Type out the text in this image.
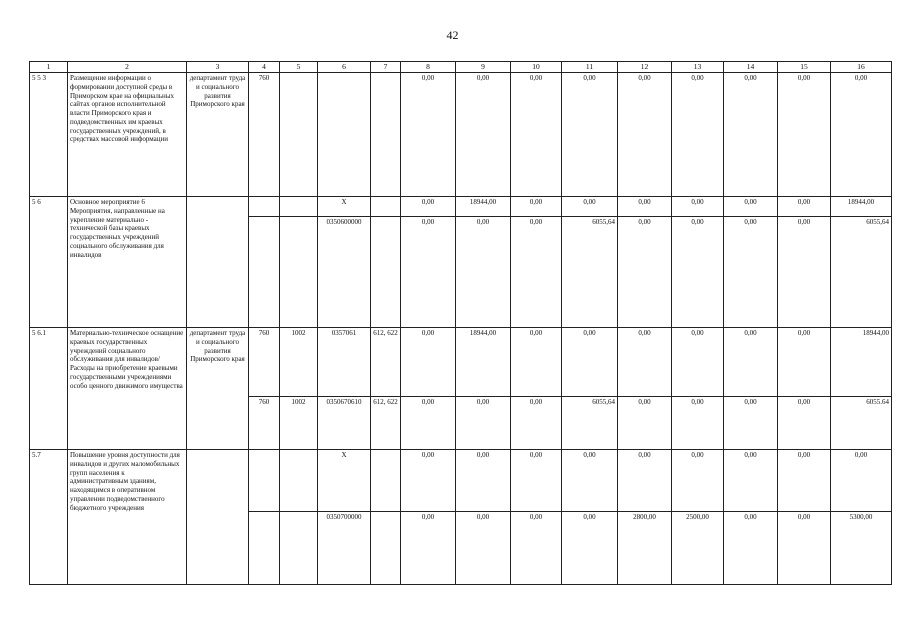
42
1	2	3	4	5	6	7	8	9	10	11	12	13	14	15	16
5 5 3	Размещение информации о формировании доступной среды в Приморском крае на официальных сайтах органов исполнительной власти Приморского края и подведомственных им краевых государственных учреждений, в средствах массовой информации	департамент труда и социального развития Приморского края	760				0,00	0,00	0,00	0,00	0,00	0,00	0,00	0,00	0,00
5 6	Основное мероприятие 6 Мероприятия, направленные на укрепление материально - технической базы краевых государственных учреждений социального обслуживания для инвалидов				X		0,00	18944,00	0,00	0,00	0,00	0,00	0,00	0,00	18944,00
					0350600000		0,00	0,00	0,00	6055,64	0,00	0,00	0,00	0,00	6055,64
5 6.1	Материально-техническое оснащение краевых государственных учреждений социального обслуживания для инвалидов/ Расходы на приобретение краевыми государственными учреждениями особо ценного движимого имущества	департамент труда и социального развития Приморского края	760	1002	0357061	612, 622	0,00	18944,00	0,00	0,00	0,00	0,00	0,00	0,00	18944,00
			760	1002	0350670610	612, 622	0,00	0,00	0,00	6055,64	0,00	0,00	0,00	0,00	6055.64
5.7	Повышение уровня доступности для инвалидов и других маломобильных групп населения к административным зданиям, находящимся в оперативном управлении подведомственного бюджетного учреждения				X		0,00	0,00	0,00	0,00	0,00	0,00	0,00	0,00	0,00
					0350700000		0,00	0,00	0,00	0,00	2800,00	2500,00	0,00	0,00	5300,00
